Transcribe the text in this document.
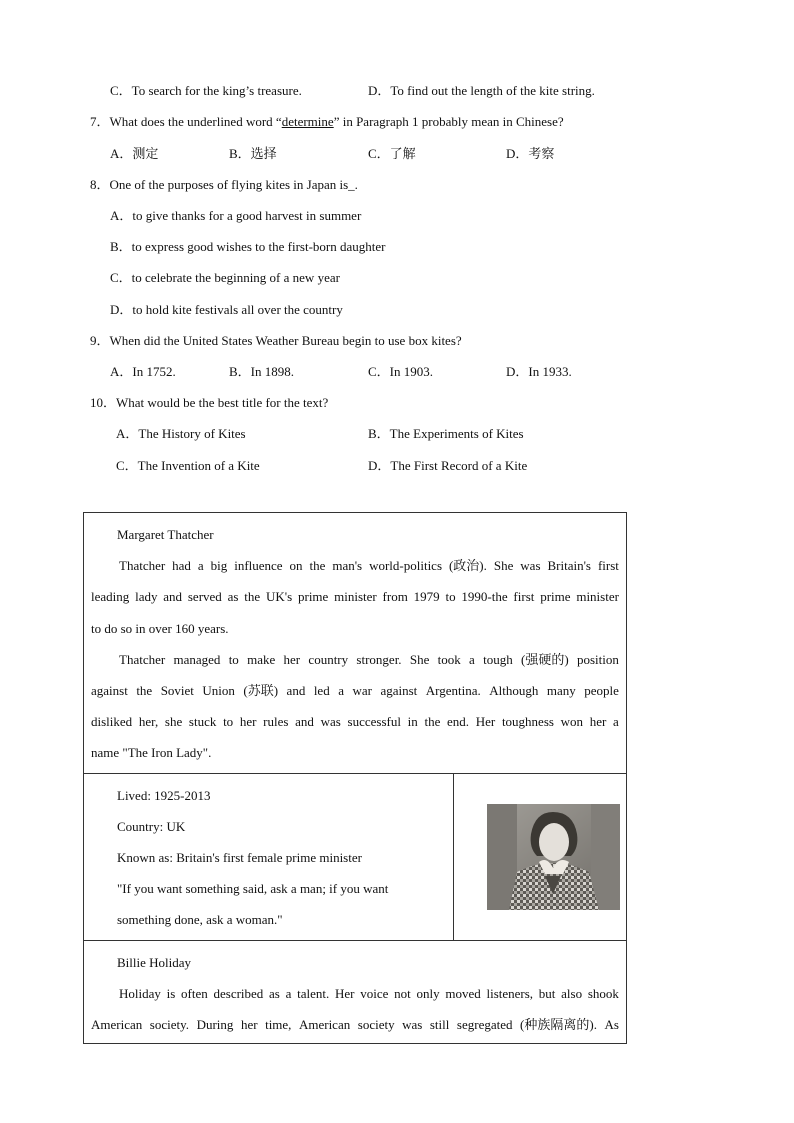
C．To search for the king’s treasure.	D．To find out the length of the kite string.
7．What does the underlined word “determine” in Paragraph 1 probably mean in Chinese?
A．测定	B．选择	C．了解	D．考察
8．One of the purposes of flying kites in Japan is_.
A．to give thanks for a good harvest in summer
B．to express good wishes to the first-born daughter
C．to celebrate the beginning of a new year
D．to hold kite festivals all over the country
9．When did the United States Weather Bureau begin to use box kites?
A．In 1752.	B．In 1898.	C．In 1903.	D．In 1933.
10．What would be the best title for the text?
A．The History of Kites	B．The Experiments of Kites
C．The Invention of a Kite	D．The First Record of a Kite
Margaret Thatcher
Thatcher had a big influence on the man's world-politics (政治). She was Britain's first
leading lady and served as the UK's prime minister from 1979 to 1990-the first prime minister
to do so in over 160 years.
Thatcher managed to make her country stronger. She took a tough (强硬的) position
against the Soviet Union (苏联) and led a war against Argentina. Although many people
disliked her, she stuck to her rules and was successful in the end. Her toughness won her a
name "The Iron Lady".
Lived: 1925-2013
Country: UK
Known as: Britain's first female prime minister
"If you want something said, ask a man; if you want
something done, ask a woman."
Billie Holiday
Holiday is often described as a talent. Her voice not only moved listeners, but also shook
American society. During her time, American society was still segregated (种族隔离的). As
